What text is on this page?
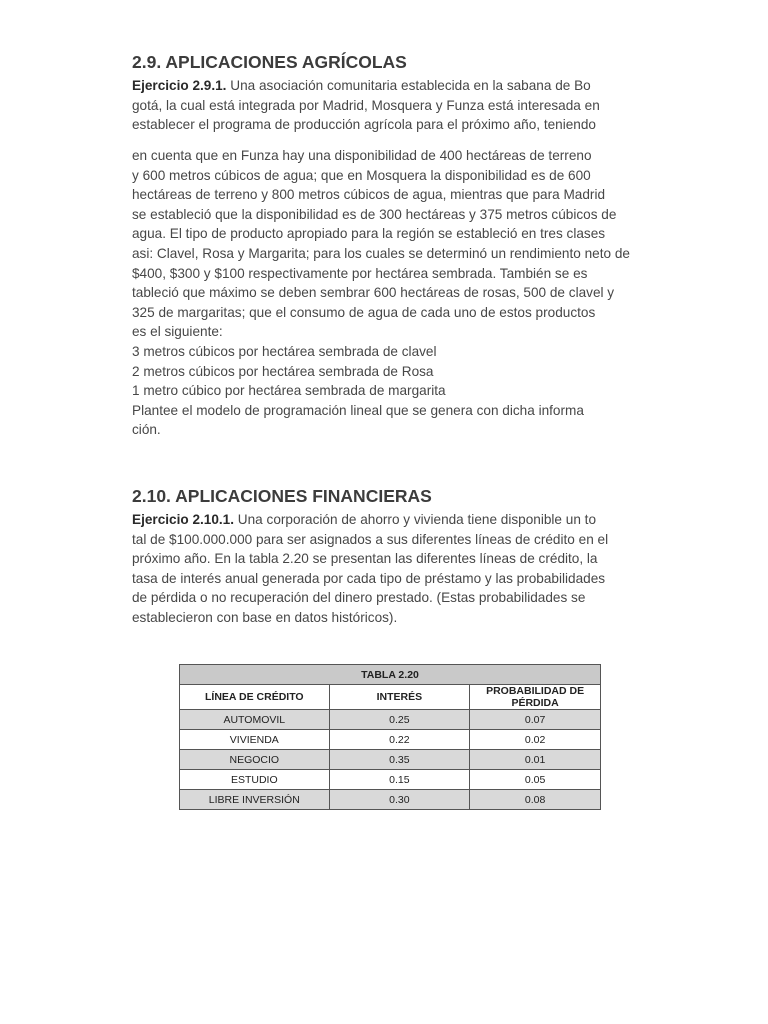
2.9. APLICACIONES AGRÍCOLAS

Ejercicio 2.9.1. Una asociación comunitaria establecida en la sabana de Bo
gotá, la cual está integrada por Madrid, Mosquera y Funza está interesada en
establecer el programa de producción agrícola para el próximo año, teniendo

en cuenta que en Funza hay una disponibilidad de 400 hectáreas de terreno
y 600 metros cúbicos de agua; que en Mosquera la disponibilidad es de 600
hectáreas de terreno y 800 metros cúbicos de agua, mientras que para Madrid
se estableció que la disponibilidad es de 300 hectáreas y 375 metros cúbicos de
agua. El tipo de producto apropiado para la región se estableció en tres clases
asi: Clavel, Rosa y Margarita; para los cuales se determinó un rendimiento neto de
$400, $300 y $100 respectivamente por hectárea sembrada. También se es
tableció que máximo se deben sembrar 600 hectáreas de rosas, 500 de clavel y
325 de margaritas; que el consumo de agua de cada uno de estos productos
es el siguiente:
3 metros cúbicos por hectárea sembrada de clavel
2 metros cúbicos por hectárea sembrada de Rosa
1 metro cúbico por hectárea sembrada de margarita
Plantee el modelo de programación lineal que se genera con dicha informa
ción.

2.10. APLICACIONES FINANCIERAS

Ejercicio 2.10.1. Una corporación de ahorro y vivienda tiene disponible un to
tal de $100.000.000 para ser asignados a sus diferentes líneas de crédito en el
próximo año. En la tabla 2.20 se presentan las diferentes líneas de crédito, la
tasa de interés anual generada por cada tipo de préstamo y las probabilidades
de pérdida o no recuperación del dinero prestado. (Estas probabilidades se
establecieron con base en datos históricos).

TABLA 2.20		
LÍNEA DE CRÉDITO	INTERÉS	PROBABILIDAD DE PÉRDIDA
AUTOMOVIL	0.25	0.07
VIVIENDA	0.22	0.02
NEGOCIO	0.35	0.01
ESTUDIO	0.15	0.05
LIBRE INVERSIÓN	0.30	0.08
